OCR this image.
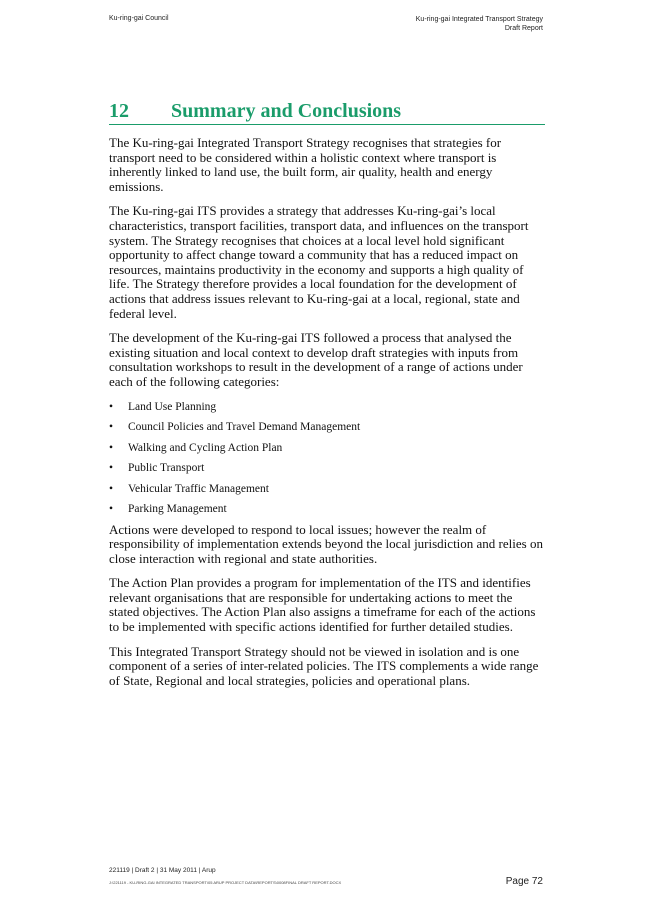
Ku-ring-gai Council	Ku-ring-gai Integrated Transport Strategy
Draft Report
12 Summary and Conclusions

The Ku-ring-gai Integrated Transport Strategy recognises that strategies for transport need to be considered within a holistic context where transport is inherently linked to land use, the built form, air quality, health and energy emissions.

The Ku-ring-gai ITS provides a strategy that addresses Ku-ring-gai’s local characteristics, transport facilities, transport data, and influences on the transport system. The Strategy recognises that choices at a local level hold significant opportunity to affect change toward a community that has a reduced impact on resources, maintains productivity in the economy and supports a high quality of life. The Strategy therefore provides a local foundation for the development of actions that address issues relevant to Ku-ring-gai at a local, regional, state and federal level.

The development of the Ku-ring-gai ITS followed a process that analysed the existing situation and local context to develop draft strategies with inputs from consultation workshops to result in the development of a range of actions under each of the following categories:

• Land Use Planning
• Council Policies and Travel Demand Management
• Walking and Cycling Action Plan
• Public Transport
• Vehicular Traffic Management
• Parking Management

Actions were developed to respond to local issues; however the realm of responsibility of implementation extends beyond the local jurisdiction and relies on close interaction with regional and state authorities.

The Action Plan provides a program for implementation of the ITS and identifies relevant organisations that are responsible for undertaking actions to meet the stated objectives. The Action Plan also assigns a timeframe for each of the actions to be implemented with specific actions identified for further detailed studies.

This Integrated Transport Strategy should not be viewed in isolation and is one component of a series of inter-related policies. The ITS complements a wide range of State, Regional and local strategies, policies and operational plans.

221119 | Draft 2 | 31 May 2011 | Arup
J:\221119 - KU-RING-GAI INTEGRATED TRANSPORT\05 ARUP PROJECT DATA\REPORTS\0008FINAL DRAFT REPORT.DOCX	Page 72
